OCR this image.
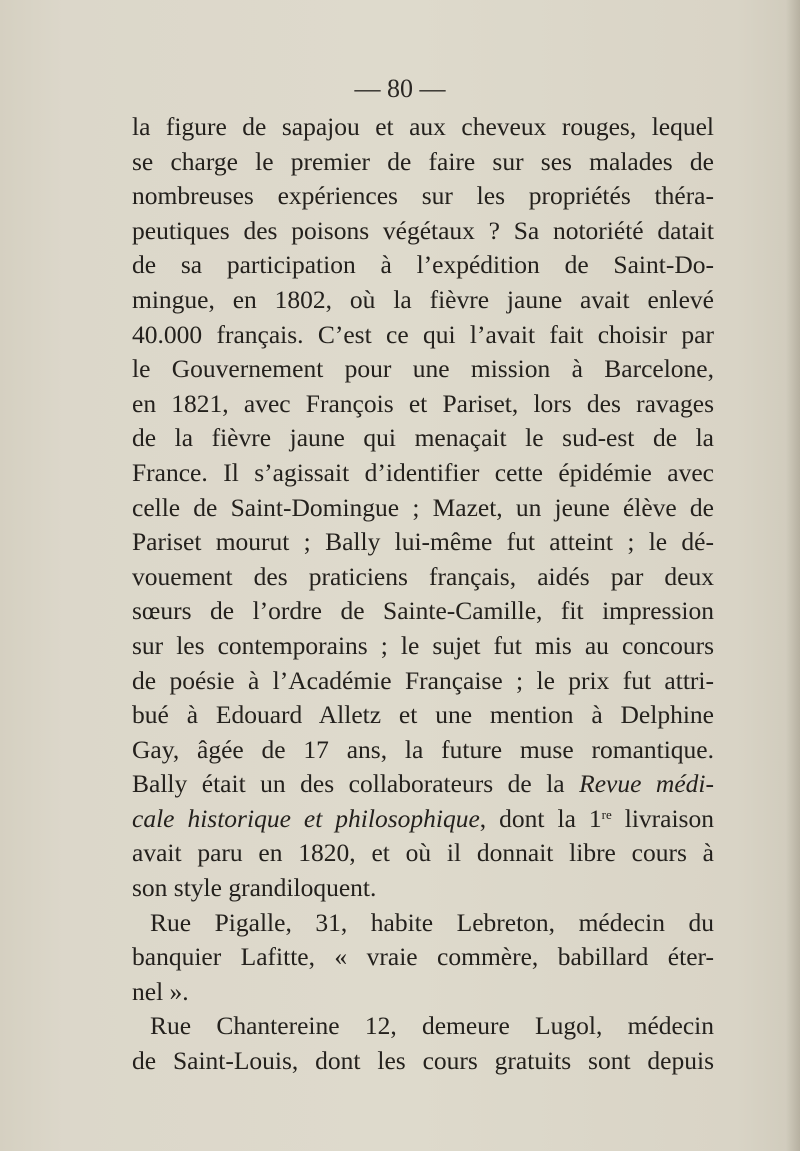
— 80 —
la figure de sapajou et aux cheveux rouges, lequel
se charge le premier de faire sur ses malades de
nombreuses expériences sur les propriétés théra-
peutiques des poisons végétaux ? Sa notoriété datait
de sa participation à l’expédition de Saint-Do-
mingue, en 1802, où la fièvre jaune avait enlevé
40.000 français. C’est ce qui l’avait fait choisir par
le Gouvernement pour une mission à Barcelone,
en 1821, avec François et Pariset, lors des ravages
de la fièvre jaune qui menaçait le sud-est de la
France. Il s’agissait d’identifier cette épidémie avec
celle de Saint-Domingue ; Mazet, un jeune élève de
Pariset mourut ; Bally lui-même fut atteint ; le dé-
vouement des praticiens français, aidés par deux
sœurs de l’ordre de Sainte-Camille, fit impression
sur les contemporains ; le sujet fut mis au concours
de poésie à l’Académie Française ; le prix fut attri-
bué à Edouard Alletz et une mention à Delphine
Gay, âgée de 17 ans, la future muse romantique.
Bally était un des collaborateurs de la Revue médi-
cale historique et philosophique, dont la 1re livraison
avait paru en 1820, et où il donnait libre cours à
son style grandiloquent.
Rue Pigalle, 31, habite Lebreton, médecin du
banquier Lafitte, « vraie commère, babillard éter-
nel ».
Rue Chantereine 12, demeure Lugol, médecin
de Saint-Louis, dont les cours gratuits sont depuis
